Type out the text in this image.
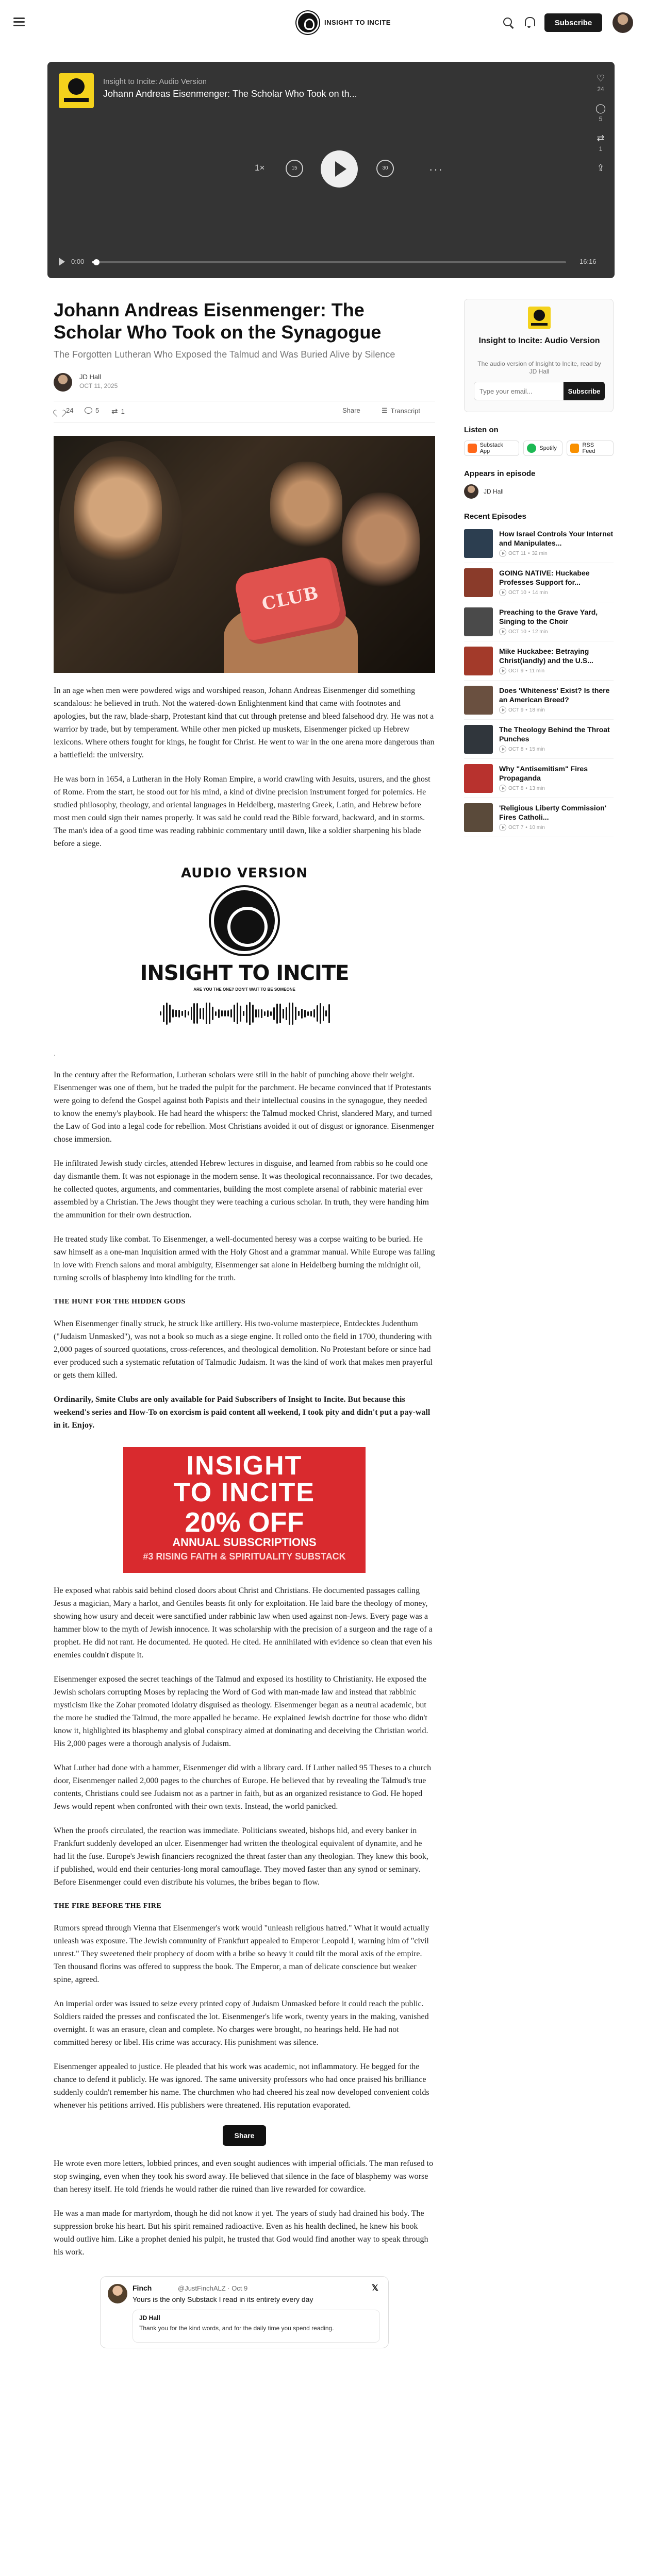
INSIGHT TO INCITE	Subscribe
Insight to Incite: Audio Version
Johann Andreas Eisenmenger: The Scholar Who Took on th...
♡
24
◯
5
⇄
1
⇪
1×	15	30	···
0:00	16:16
Johann Andreas Eisenmenger: The Scholar Who Took on the Synagogue
The Forgotten Lutheran Who Exposed the Talmud and Was Buried Alive by Silence
JD Hall
OCT 11, 2025
24	5 ⇄ 1	Share	☰ Transcript
CLUB

In an age when men were powdered wigs and worshiped reason, Johann Andreas Eisenmenger did something scandalous: he believed in truth. Not the watered-down Enlightenment kind that came with footnotes and apologies, but the raw, blade-sharp, Protestant kind that cut through pretense and bleed falsehood dry. He was not a warrior by trade, but by temperament. While other men picked up muskets, Eisenmenger picked up Hebrew lexicons. Where others fought for kings, he fought for Christ. He went to war in the one arena more dangerous than a battlefield: the university.

He was born in 1654, a Lutheran in the Holy Roman Empire, a world crawling with Jesuits, usurers, and the ghost of Rome. From the start, he stood out for his mind, a kind of divine precision instrument forged for polemics. He studied philosophy, theology, and oriental languages in Heidelberg, mastering Greek, Latin, and Hebrew before most men could sign their names properly. It was said he could read the Bible forward, backward, and in storms. The man's idea of a good time was reading rabbinic commentary until dawn, like a soldier sharpening his blade before a siege.

AUDIO VERSION
INSIGHT TO INCITE
ARE YOU THE ONE? DON'T WAIT TO BE SOMEONE
.

In the century after the Reformation, Lutheran scholars were still in the habit of punching above their weight. Eisenmenger was one of them, but he traded the pulpit for the parchment. He became convinced that if Protestants were going to defend the Gospel against both Papists and their intellectual cousins in the synagogue, they needed to know the enemy's playbook. He had heard the whispers: the Talmud mocked Christ, slandered Mary, and turned the Law of God into a legal code for rebellion. Most Christians avoided it out of disgust or ignorance. Eisenmenger chose immersion.

He infiltrated Jewish study circles, attended Hebrew lectures in disguise, and learned from rabbis so he could one day dismantle them. It was not espionage in the modern sense. It was theological reconnaissance. For two decades, he collected quotes, arguments, and commentaries, building the most complete arsenal of rabbinic material ever assembled by a Christian. The Jews thought they were teaching a curious scholar. In truth, they were handing him the ammunition for their own destruction.

He treated study like combat. To Eisenmenger, a well-documented heresy was a corpse waiting to be buried. He saw himself as a one-man Inquisition armed with the Holy Ghost and a grammar manual. While Europe was falling in love with French salons and moral ambiguity, Eisenmenger sat alone in Heidelberg burning the midnight oil, turning scrolls of blasphemy into kindling for the truth.

THE HUNT FOR THE HIDDEN GODS

When Eisenmenger finally struck, he struck like artillery. His two-volume masterpiece, Entdecktes Judenthum ("Judaism Unmasked"), was not a book so much as a siege engine. It rolled onto the field in 1700, thundering with 2,000 pages of sourced quotations, cross-references, and theological demolition. No Protestant before or since had ever produced such a systematic refutation of Talmudic Judaism. It was the kind of work that makes men prayerful or gets them killed.

Ordinarily, Smite Clubs are only available for Paid Subscribers of Insight to Incite. But because this weekend's series and How-To on exorcism is paid content all weekend, I took pity and didn't put a pay-wall in it. Enjoy.

INSIGHT
TO INCITE
20% OFF
ANNUAL SUBSCRIPTIONS
#3 RISING FAITH & SPIRITUALITY SUBSTACK

He exposed what rabbis said behind closed doors about Christ and Christians. He documented passages calling Jesus a magician, Mary a harlot, and Gentiles beasts fit only for exploitation. He laid bare the theology of money, showing how usury and deceit were sanctified under rabbinic law when used against non-Jews. Every page was a hammer blow to the myth of Jewish innocence. It was scholarship with the precision of a surgeon and the rage of a prophet. He did not rant. He documented. He quoted. He cited. He annihilated with evidence so clean that even his enemies couldn't dispute it.

Eisenmenger exposed the secret teachings of the Talmud and exposed its hostility to Christianity. He exposed the Jewish scholars corrupting Moses by replacing the Word of God with man-made law and instead that rabbinic mysticism like the Zohar promoted idolatry disguised as theology. Eisenmenger began as a neutral academic, but the more he studied the Talmud, the more appalled he became. He explained Jewish doctrine for those who didn't know it, highlighted its blasphemy and global conspiracy aimed at dominating and deceiving the Christian world. His 2,000 pages were a thorough analysis of Judaism.

What Luther had done with a hammer, Eisenmenger did with a library card. If Luther nailed 95 Theses to a church door, Eisenmenger nailed 2,000 pages to the churches of Europe. He believed that by revealing the Talmud's true contents, Christians could see Judaism not as a partner in faith, but as an organized resistance to God. He hoped Jews would repent when confronted with their own texts. Instead, the world panicked.

When the proofs circulated, the reaction was immediate. Politicians sweated, bishops hid, and every banker in Frankfurt suddenly developed an ulcer. Eisenmenger had written the theological equivalent of dynamite, and he had lit the fuse. Europe's Jewish financiers recognized the threat faster than any theologian. They knew this book, if published, would end their centuries-long moral camouflage. They moved faster than any synod or seminary. Before Eisenmenger could even distribute his volumes, the bribes began to flow.

THE FIRE BEFORE THE FIRE

Rumors spread through Vienna that Eisenmenger's work would "unleash religious hatred." What it would actually unleash was exposure. The Jewish community of Frankfurt appealed to Emperor Leopold I, warning him of "civil unrest." They sweetened their prophecy of doom with a bribe so heavy it could tilt the moral axis of the empire. Ten thousand florins was offered to suppress the book. The Emperor, a man of delicate conscience but weaker spine, agreed.

An imperial order was issued to seize every printed copy of Judaism Unmasked before it could reach the public. Soldiers raided the presses and confiscated the lot. Eisenmenger's life work, twenty years in the making, vanished overnight. It was an erasure, clean and complete. No charges were brought, no hearings held. He had not committed heresy or libel. His crime was accuracy. His punishment was silence.

Eisenmenger appealed to justice. He pleaded that his work was academic, not inflammatory. He begged for the chance to defend it publicly. He was ignored. The same university professors who had once praised his brilliance suddenly couldn't remember his name. The churchmen who had cheered his zeal now developed convenient colds whenever his petitions arrived. His publishers were threatened. His reputation evaporated.

Share

He wrote even more letters, lobbied princes, and even sought audiences with imperial officials. The man refused to stop swinging, even when they took his sword away. He believed that silence in the face of blasphemy was worse than heresy itself. He told friends he would rather die ruined than live rewarded for cowardice.

He was a man made for martyrdom, though he did not know it yet. The years of study had drained his body. The suppression broke his heart. But his spirit remained radioactive. Even as his health declined, he knew his book would outlive him. Like a prophet denied his pulpit, he trusted that God would find another way to speak through his work.

Finch	@JustFinchALZ · Oct 9	𝕏
Yours is the only Substack I read in its entirety every day
JD Hall
Thank you for the kind words, and for the daily time you spend reading.
Insight to Incite: Audio Version
The audio version of Insight to Incite, read by JD Hall
Type your email...
Subscribe
Listen on
Substack App	Spotify	RSS Feed
Appears in episode
JD Hall
Recent Episodes
How Israel Controls Your Internet and Manipulates...
OCT 11 • 32 min
GOING NATIVE: Huckabee Professes Support for...
OCT 10 • 14 min
Preaching to the Grave Yard, Singing to the Choir
OCT 10 • 12 min
Mike Huckabee: Betraying Christ(iandly) and the U.S...
OCT 9 • 11 min
Does 'Whiteness' Exist? Is there an American Breed?
OCT 9 • 18 min
The Theology Behind the Throat Punches
OCT 8 • 15 min
Why "Antisemitism" Fires Propaganda
OCT 8 • 13 min
'Religious Liberty Commission' Fires Catholi...
OCT 7 • 10 min
